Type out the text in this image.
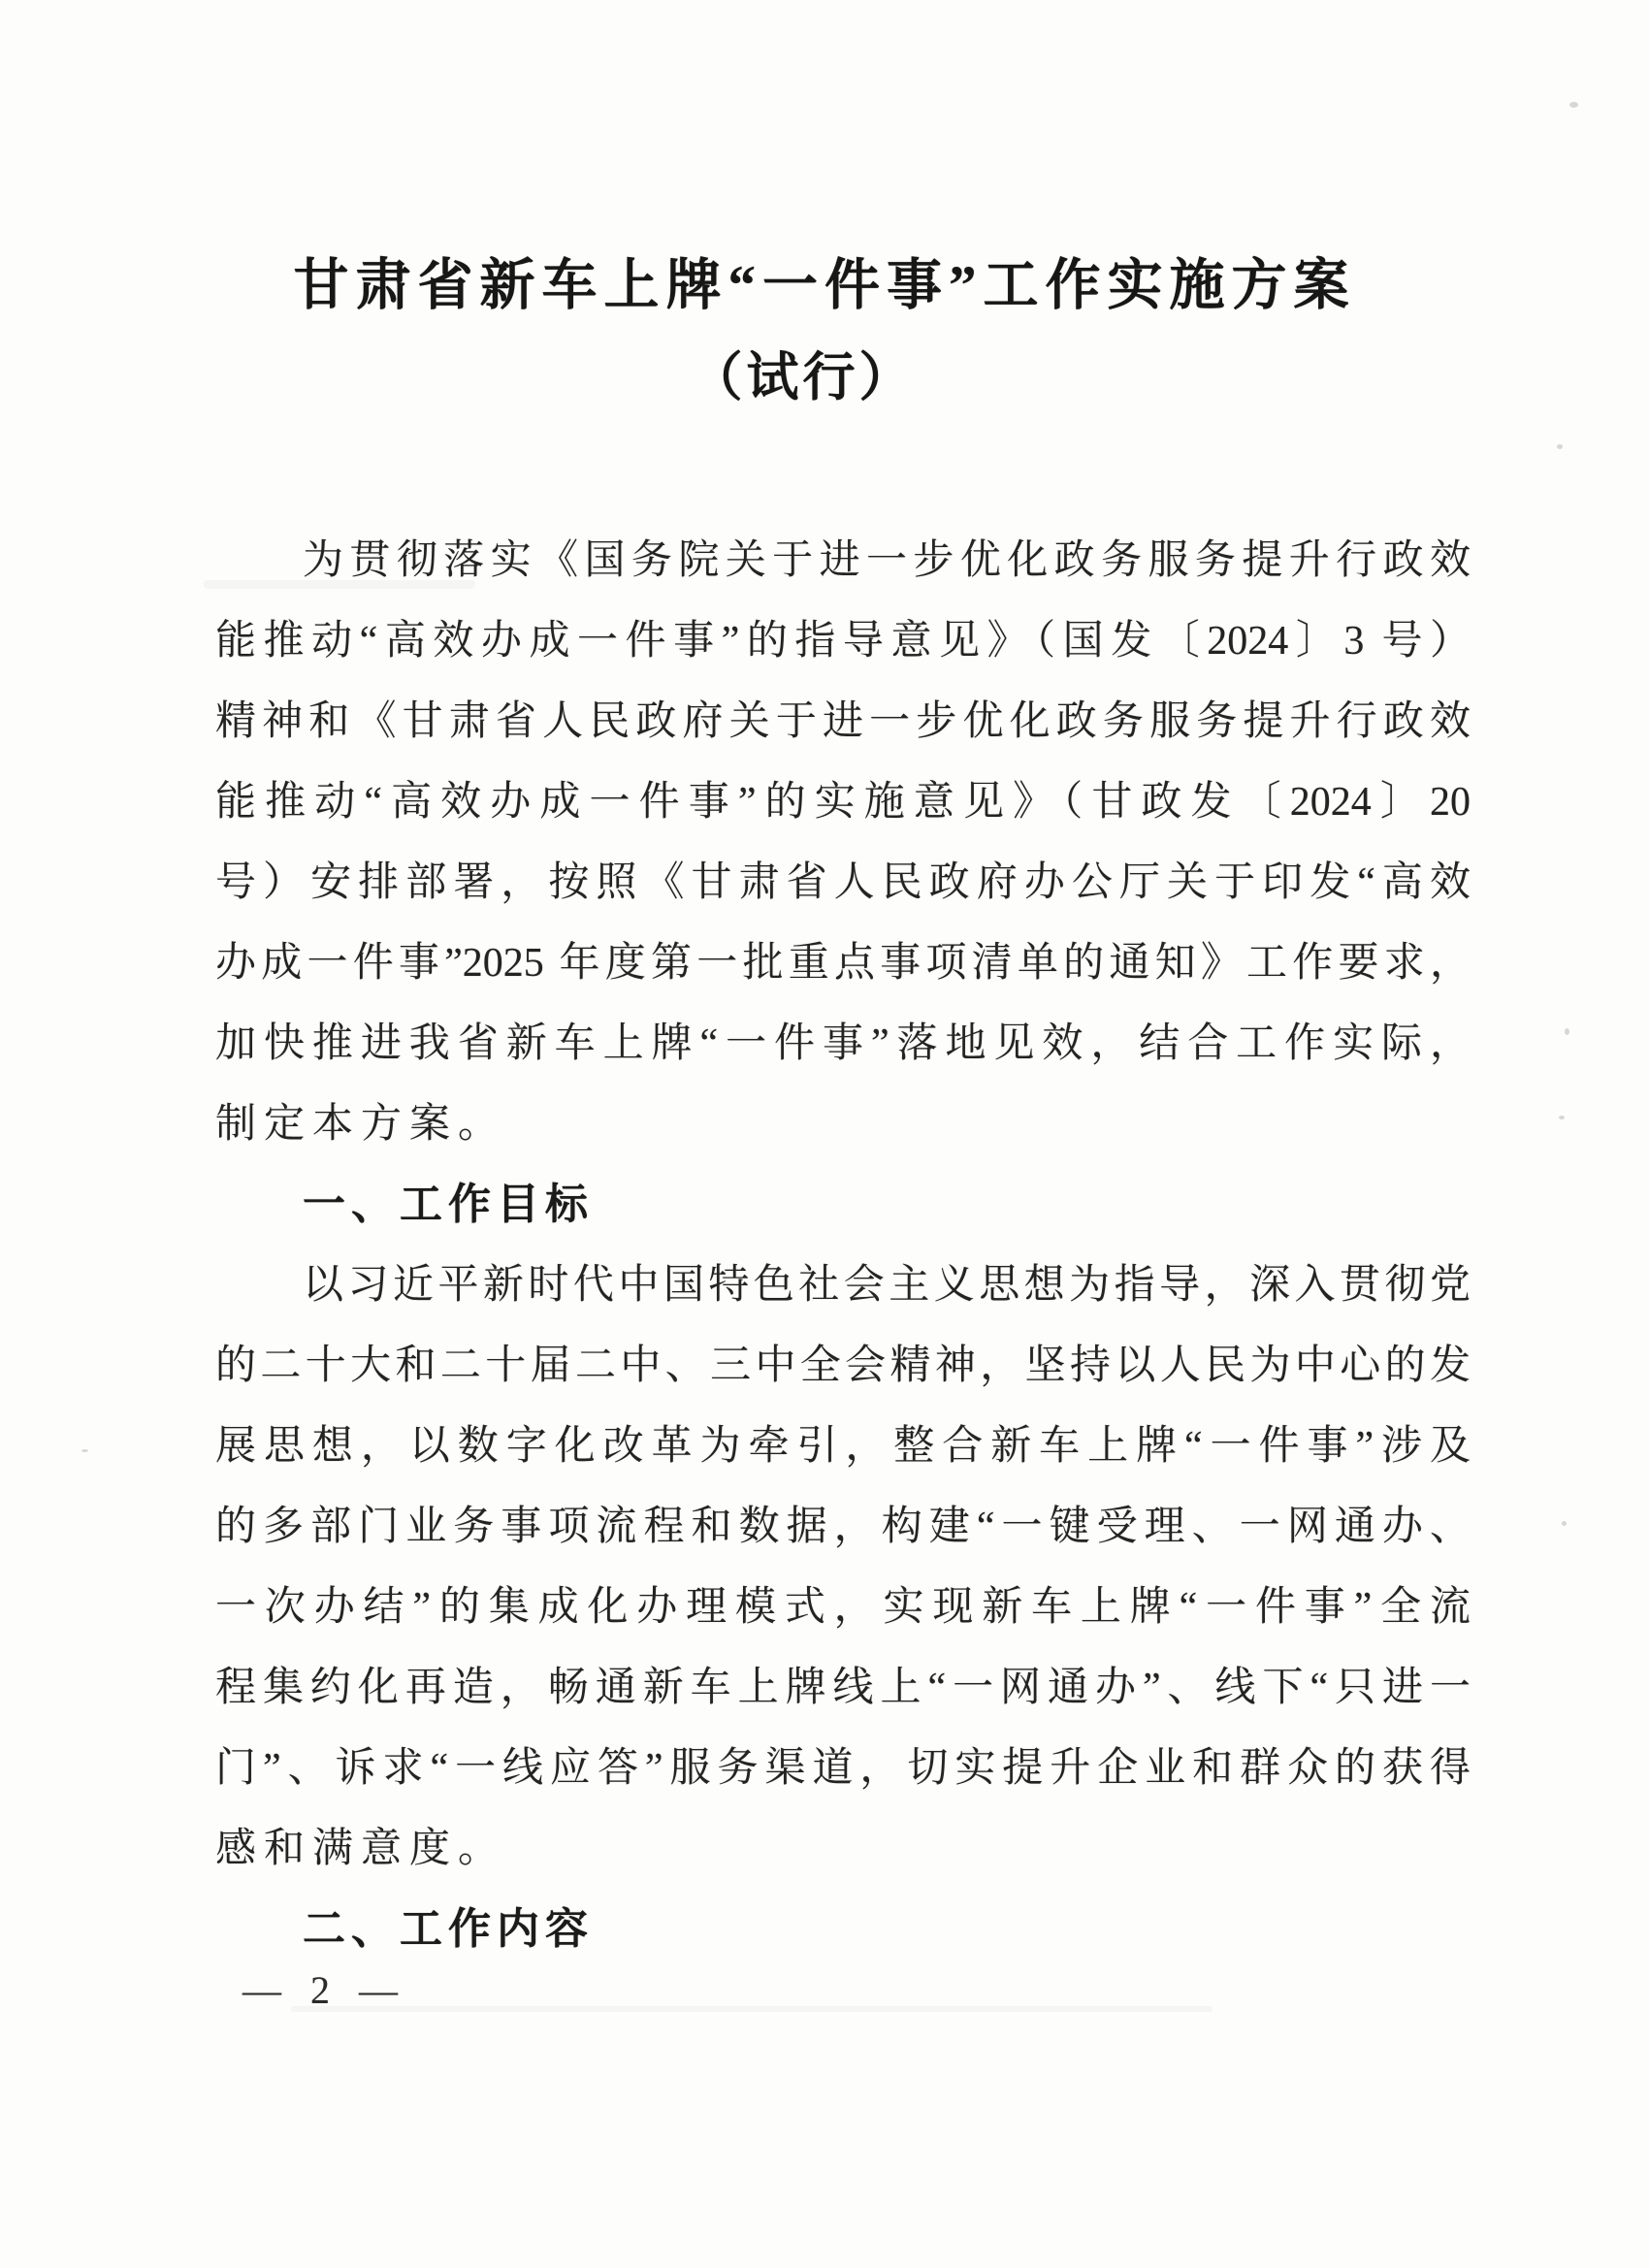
甘肃省新车上牌“一件事”工作实施方案
（试行）
为贯彻落实《国务院关于进一步优化政务服务提升行政效
能推动“高效办成一件事”的指导意见》（国发〔2024〕3 号）
精神和《甘肃省人民政府关于进一步优化政务服务提升行政效
能推动“高效办成一件事”的实施意见》（甘政发〔2024〕20
号）安排部署，按照《甘肃省人民政府办公厅关于印发“高效
办成一件事”2025 年度第一批重点事项清单的通知》工作要求，
加快推进我省新车上牌“一件事”落地见效，结合工作实际，
制定本方案。
一、工作目标
以习近平新时代中国特色社会主义思想为指导，深入贯彻党
的二十大和二十届二中、三中全会精神，坚持以人民为中心的发
展思想，以数字化改革为牵引，整合新车上牌“一件事”涉及
的多部门业务事项流程和数据，构建“一键受理、一网通办、
一次办结”的集成化办理模式，实现新车上牌“一件事”全流
程集约化再造，畅通新车上牌线上“一网通办”、线下“只进一
门”、诉求“一线应答”服务渠道，切实提升企业和群众的获得
感和满意度。
二、工作内容
— 2 —
